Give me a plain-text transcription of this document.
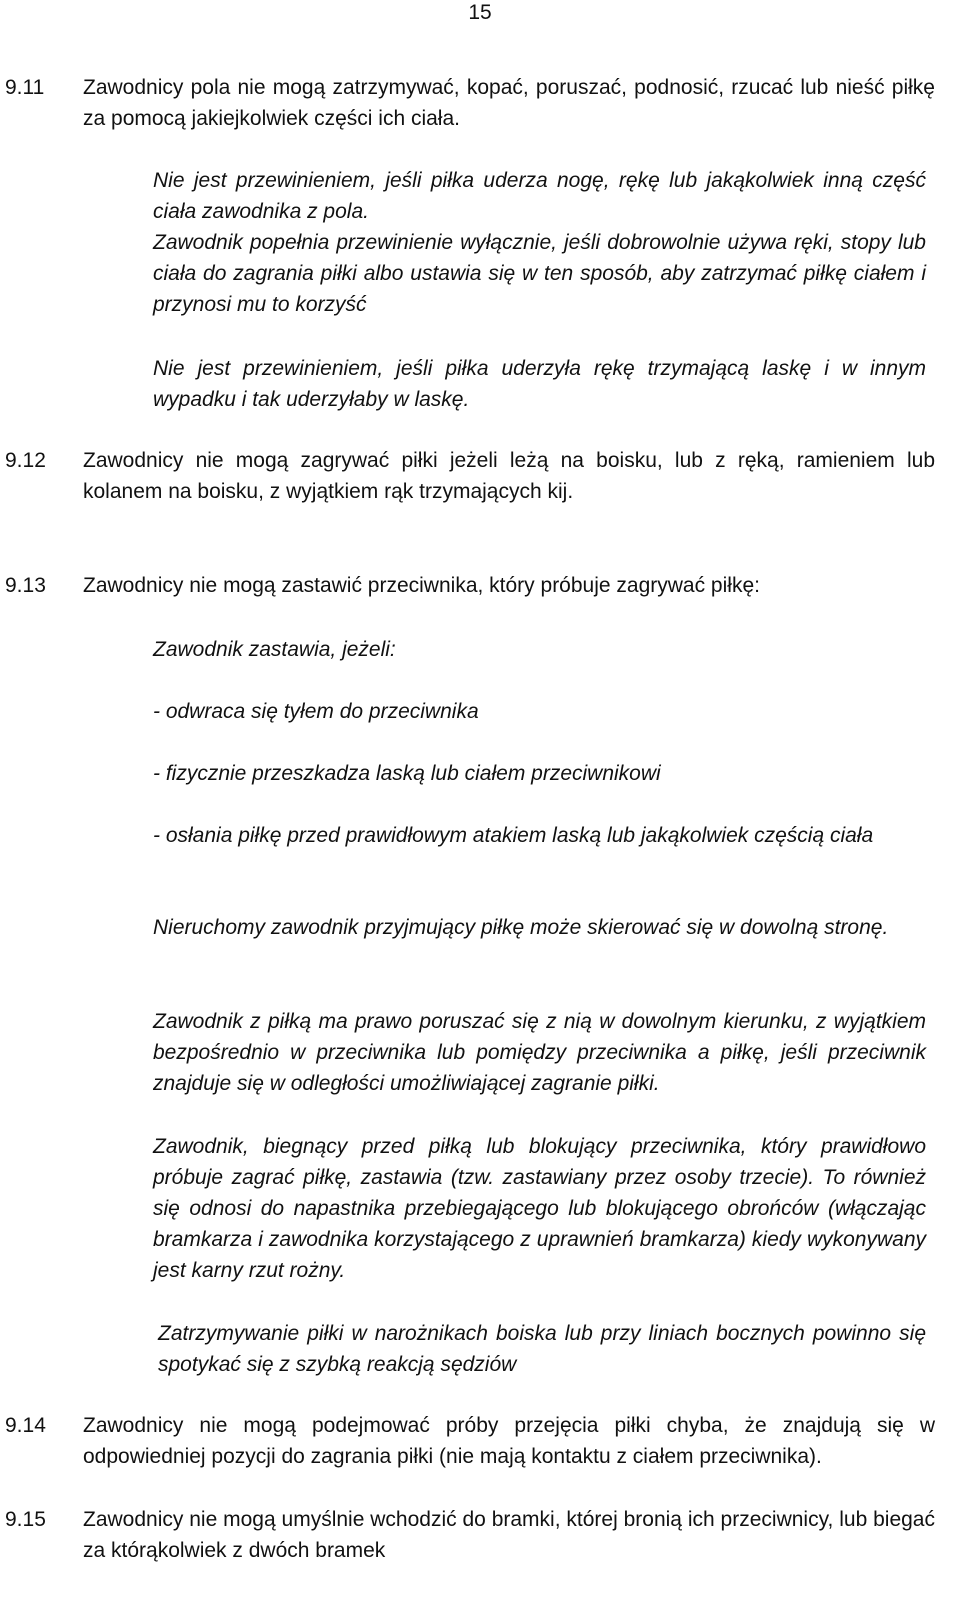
15
9.11	Zawodnicy pola nie mogą zatrzymywać, kopać, poruszać, podnosić, rzucać lub nieść piłkę za pomocą jakiejkolwiek części ich ciała.

Nie jest przewinieniem, jeśli piłka uderza nogę, rękę lub jakąkolwiek inną część ciała zawodnika z pola.

Zawodnik popełnia przewinienie wyłącznie, jeśli dobrowolnie używa ręki, stopy lub ciała do zagrania piłki albo ustawia się w ten sposób, aby zatrzymać piłkę ciałem i przynosi mu to korzyść

Nie jest przewinieniem, jeśli piłka uderzyła rękę trzymającą laskę i w innym wypadku i tak uderzyłaby w laskę.
9.12	Zawodnicy nie mogą zagrywać piłki jeżeli leżą na boisku, lub z ręką, ramieniem lub kolanem na boisku, z wyjątkiem rąk trzymających kij.
9.13	Zawodnicy nie mogą zastawić przeciwnika, który próbuje zagrywać piłkę:
Zawodnik zastawia, jeżeli:
- odwraca się tyłem do przeciwnika
- fizycznie przeszkadza laską lub ciałem przeciwnikowi
- osłania piłkę przed prawidłowym atakiem laską lub jakąkolwiek częścią ciała
Nieruchomy zawodnik przyjmujący piłkę może skierować się w dowolną stronę.
Zawodnik z piłką ma prawo poruszać się z nią w dowolnym kierunku, z wyjątkiem bezpośrednio w przeciwnika lub pomiędzy przeciwnika a piłkę, jeśli przeciwnik znajduje się w odległości umożliwiającej zagranie piłki.
Zawodnik, biegnący przed piłką lub blokujący przeciwnika, który prawidłowo próbuje zagrać piłkę, zastawia (tzw. zastawiany przez osoby trzecie). To również się odnosi do napastnika przebiegającego lub blokującego obrońców (włączając bramkarza i zawodnika korzystającego z uprawnień bramkarza) kiedy wykonywany jest karny rzut rożny.
Zatrzymywanie piłki w narożnikach boiska lub przy liniach bocznych powinno się spotykać się z szybką reakcją sędziów
9.14	Zawodnicy nie mogą podejmować próby przejęcia piłki chyba, że znajdują się w odpowiedniej pozycji do zagrania piłki (nie mają kontaktu z ciałem przeciwnika).
9.15	Zawodnicy nie mogą umyślnie wchodzić do bramki, której bronią ich przeciwnicy, lub biegać za którąkolwiek z dwóch bramek
